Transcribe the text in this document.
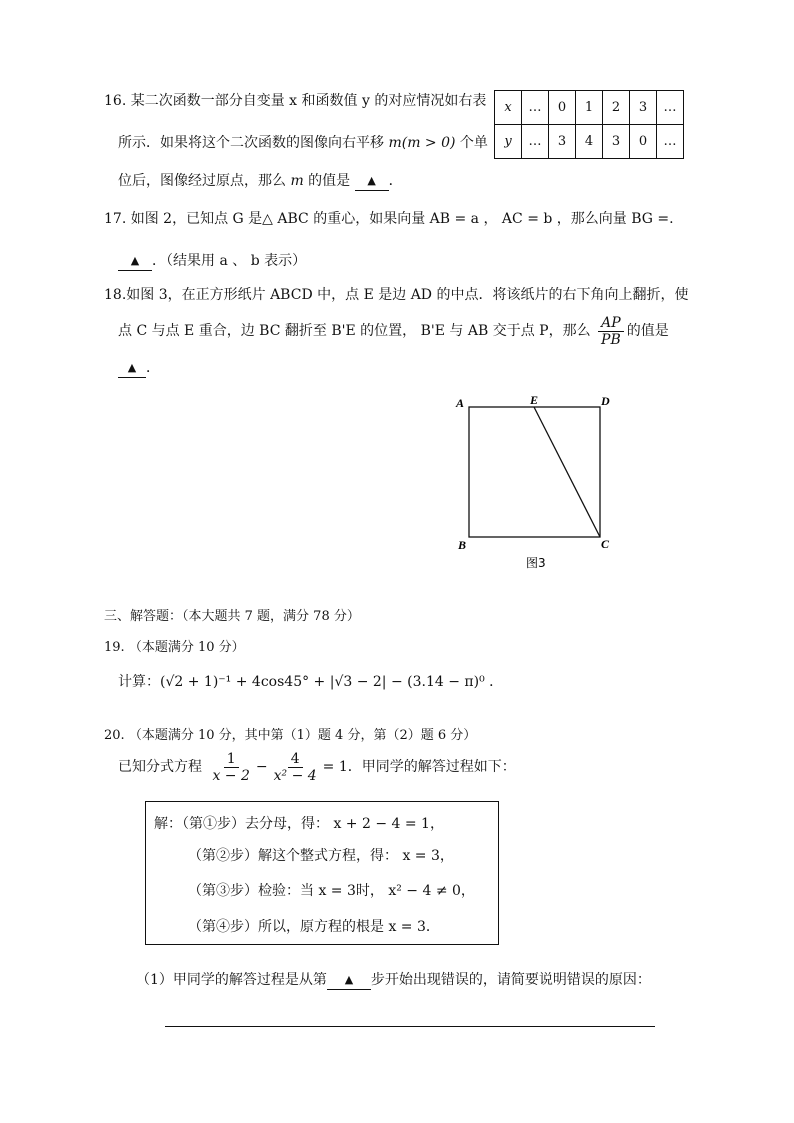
16. 某二次函数一部分自变量 x 和函数值 y 的对应情况如右表
所示．如果将这个二次函数的图像向右平移 m(m > 0) 个单
位后，图像经过原点，那么 m 的值是 ▲ ．
x	…	0	1	2	3	…
y	…	3	4	3	0	…
17. 如图 2，已知点 G 是△ ABC 的重心，如果向量 AB = a ， AC = b ，那么向量 BG =.
▲ ．（结果用 a 、 b 表示）
18.如图 3，在正方形纸片 ABCD 中，点 E 是边 AD 的中点．将该纸片的右下角向上翻折，使
点 C 与点 E 重合，边 BC 翻折至 B'E 的位置， B'E 与 AB 交于点 P，那么 $\frac{AP}{PB}$ 的值是
▲ ．
A	E	D
B	C
图3
三、解答题：（本大题共 7 题，满分 78 分）
19. （本题满分 10 分）
计算：(√2 + 1)⁻¹ + 4cos45° + |√3 − 2| − (3.14 − π)⁰ ．
20. （本题满分 10 分，其中第（1）题 4 分，第（2）题 6 分）
已知分式方程 $\frac{1}{x - 2} - \frac{4}{\text{x² − 4}} = 1$．甲同学的解答过程如下：
解：（第①步）去分母，得： x + 2 − 4 = 1，
（第②步）解这个整式方程，得： x = 3，
（第③步）检验：当 x = 3时， x² − 4 ≠ 0，
（第④步）所以，原方程的根是 x = 3．
（1）甲同学的解答过程是从第 ▲ 步开始出现错误的，请简要说明错误的原因：
